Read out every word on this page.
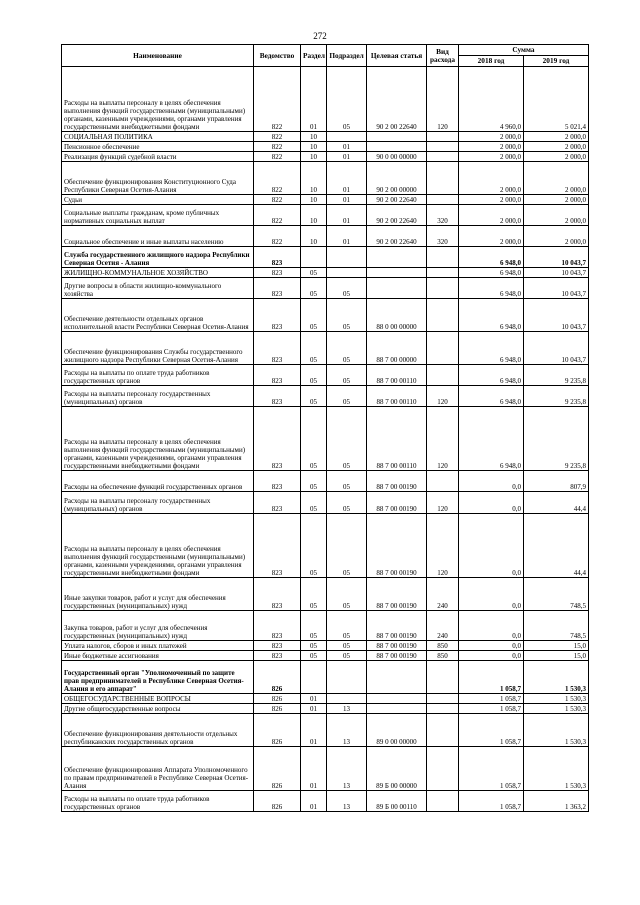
272
Наименование	Ведомство	Раздел	Подраздел	Целевая статья	Вид расхода	Сумма	
						2018 год	2019 год
Расходы на выплаты персоналу в целях обеспечения выполнения функций государственными (муниципальными) органами, казенными учреждениями, органами управления государственными внебюджетными фондами	822	01	05	90 2 00 22640	120	4 960,0	5 021,4
СОЦИАЛЬНАЯ ПОЛИТИКА	822	10				2 000,0	2 000,0
Пенсионное обеспечение	822	10	01			2 000,0	2 000,0
Реализация функций судебной власти	822	10	01	90 0 00 00000		2 000,0	2 000,0
Обеспечение функционирования Конституционного Суда Республики Северная Осетия-Алания	822	10	01	90 2 00 00000		2 000,0	2 000,0
Судьи	822	10	01	90 2 00 22640		2 000,0	2 000,0
Социальные выплаты гражданам, кроме публичных нормативных социальных выплат	822	10	01	90 2 00 22640	320	2 000,0	2 000,0
Социальное обеспечение и иные выплаты населению	822	10	01	90 2 00 22640	320	2 000,0	2 000,0
Служба государственного жилищного надзора Республики Северная Осетия - Алания	823					6 948,0	10 043,7
ЖИЛИЩНО-КОММУНАЛЬНОЕ ХОЗЯЙСТВО	823	05				6 948,0	10 043,7
Другие вопросы в области жилищно-коммунального хозяйства	823	05	05			6 948,0	10 043,7
Обеспечение деятельности отдельных органов исполнительной власти Республики Северная Осетия-Алания	823	05	05	88 0 00 00000		6 948,0	10 043,7
Обеспечение функционирования Службы государственного жилищного надзора Республики Северная Осетия-Алания	823	05	05	88 7 00 00000		6 948,0	10 043,7
Расходы на выплаты по оплате труда работников государственных органов	823	05	05	88 7 00 00110		6 948,0	9 235,8
Расходы на выплаты персоналу государственных (муниципальных) органов	823	05	05	88 7 00 00110	120	6 948,0	9 235,8
Расходы на выплаты персоналу в целях обеспечения выполнения функций государственными (муниципальными) органами, казенными учреждениями, органами управления государственными внебюджетными фондами	823	05	05	88 7 00 00110	120	6 948,0	9 235,8
Расходы на обеспечение функций государственных органов	823	05	05	88 7 00 00190		0,0	807,9
Расходы на выплаты персоналу государственных (муниципальных) органов	823	05	05	88 7 00 00190	120	0,0	44,4
Расходы на выплаты персоналу в целях обеспечения выполнения функций государственными (муниципальными) органами, казенными учреждениями, органами управления государственными внебюджетными фондами	823	05	05	88 7 00 00190	120	0,0	44,4
Иные закупки товаров, работ и услуг для обеспечения государственных (муниципальных) нужд	823	05	05	88 7 00 00190	240	0,0	748,5
Закупка товаров, работ и услуг для обеспечения государственных (муниципальных) нужд	823	05	05	88 7 00 00190	240	0,0	748,5
Уплата налогов, сборов и иных платежей	823	05	05	88 7 00 00190	850	0,0	15,0
Иные бюджетные ассигнования	823	05	05	88 7 00 00190	850	0,0	15,0
Государственный орган "Уполномоченный по защите прав предпринимателей в Республике Северная Осетия-Алания и его аппарат"	826					1 058,7	1 530,3
ОБЩЕГОСУДАРСТВЕННЫЕ ВОПРОСЫ	826	01				1 058,7	1 530,3
Другие общегосударственные вопросы	826	01	13			1 058,7	1 530,3
Обеспечение функционирования деятельности отдельных республиканских государственных органов	826	01	13	89 0 00 00000		1 058,7	1 530,3
Обеспечение функционирования Аппарата Уполномоченного по правам предпринимателей в Республике Северная Осетия-Алания	826	01	13	89 Б 00 00000		1 058,7	1 530,3
Расходы на выплаты по оплате труда работников государственных органов	826	01	13	89 Б 00 00110		1 058,7	1 363,2
